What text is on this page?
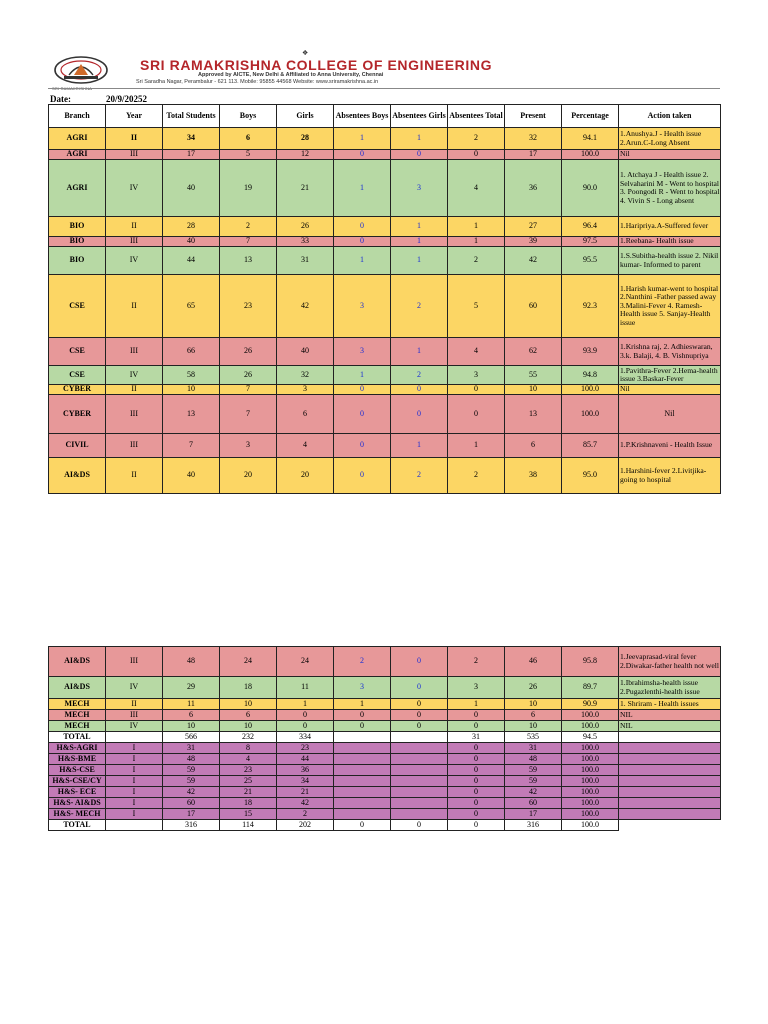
SRI RAMAKRISHNA
❖
SRI RAMAKRISHNA COLLEGE OF ENGINEERING
Approved by AICTE, New Delhi & Affiliated to Anna University, Chennai
Sri Saradha Nagar, Perambalur - 621 113. Mobile: 95855 44568 Website: www.sriramakrishna.ac.in
Date:	20/9/20252
Branch	Year	Total Students	Boys	Girls	Absentees Boys	Absentees Girls	Absentees Total	Present	Percentage	Action taken
AGRI	II	34	6	28	1	1	2	32	94.1	1.Anushya.J - Health issue 2.Arun.C-Long Absent
AGRI	III	17	5	12	0	0	0	17	100.0	Nil
AGRI	IV	40	19	21	1	3	4	36	90.0	1. Atchaya J - Health issue 2. Selvaharini M - Went to hospital 3. Poongodi R - Went to hospital 4. Vivin S - Long absent
BIO	II	28	2	26	0	1	1	27	96.4	1.Haripriya.A-Suffered fever
BIO	III	40	7	33	0	1	1	39	97.5	1.Reebana- Health issue
BIO	IV	44	13	31	1	1	2	42	95.5	1.S.Subitha-health issue 2. Nikil kumar- Informed to parent
CSE	II	65	23	42	3	2	5	60	92.3	1.Harish kumar-went to hospital 2.Nanthini -Father passed away 3.Malini-Fever 4. Ramesh-Health issue 5. Sanjay-Health issue
CSE	III	66	26	40	3	1	4	62	93.9	1.Krishna raj, 2. Adhieswaran, 3.k. Balaji, 4. B. Vishnupriya
CSE	IV	58	26	32	1	2	3	55	94.8	1.Pavithra-Fever 2.Hema-health issue 3.Baskar-Fever
CYBER	II	10	7	3	0	0	0	10	100.0	Nil
CYBER	III	13	7	6	0	0	0	13	100.0	Nil
CIVIL	III	7	3	4	0	1	1	6	85.7	1.P.Krishnaveni - Health Issue
AI&DS	II	40	20	20	0	2	2	38	95.0	1.Harshini-fever 2.Livitjika-going to hospital
AI&DS	III	48	24	24	2	0	2	46	95.8	1.Jeevaprasad-viral fever 2.Diwakar-father health not well
AI&DS	IV	29	18	11	3	0	3	26	89.7	1.Ibrahimsha-health issue 2.Pugazlenthi-health issue
MECH	II	11	10	1	1	0	1	10	90.9	1. Shriram - Health issues
MECH	III	6	6	0	0	0	0	6	100.0	NIL
MECH	IV	10	10	0	0	0	0	10	100.0	NIL
TOTAL		566	232	334			31	535	94.5	
H&S-AGRI	I	31	8	23			0	31	100.0	
H&S-BME	I	48	4	44			0	48	100.0	
H&S-CSE	I	59	23	36			0	59	100.0	
H&S-CSE/CY	I	59	25	34			0	59	100.0	
H&S- ECE	I	42	21	21			0	42	100.0	
H&S- AI&DS	I	60	18	42			0	60	100.0	
H&S- MECH	I	17	15	2			0	17	100.0	
TOTAL		316	114	202	0	0	0	316	100.0	
